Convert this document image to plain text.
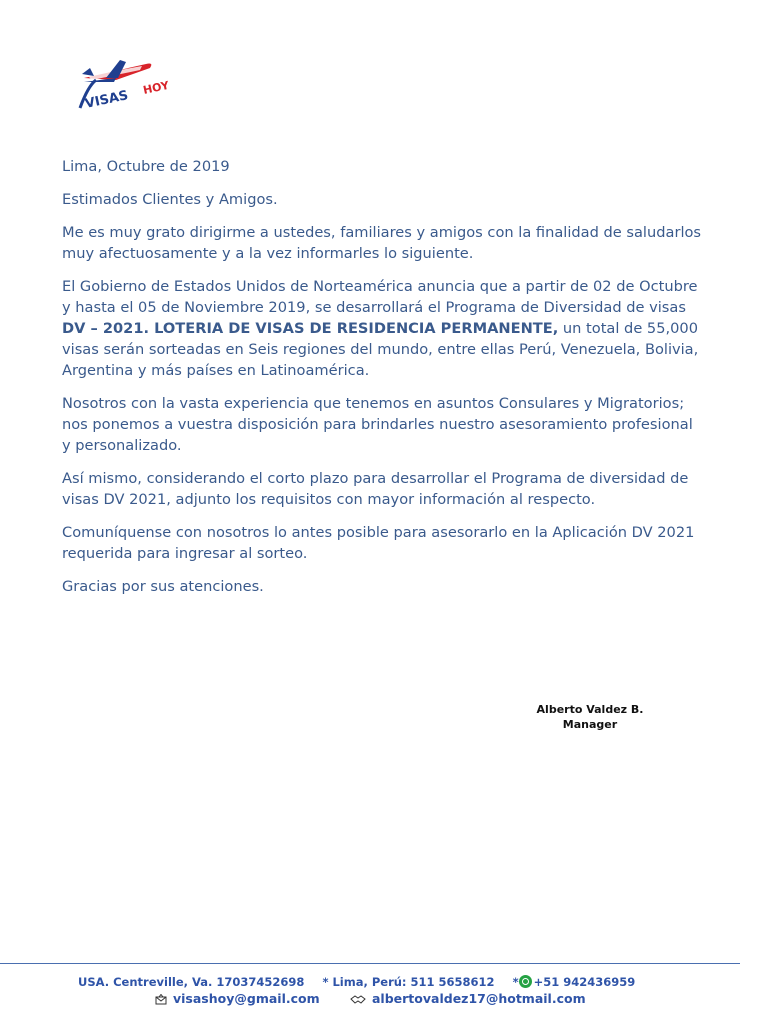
VISAS
HOY

Lima, Octubre de 2019

Estimados Clientes y Amigos.

Me es muy grato dirigirme a ustedes, familiares y amigos con la finalidad de saludarlos muy afectuosamente y a la vez informarles lo siguiente.

El Gobierno de Estados Unidos de Norteamérica anuncia que a partir de 02 de Octubre y hasta el 05 de Noviembre 2019, se desarrollará el Programa de Diversidad de visas DV – 2021. LOTERIA DE VISAS DE RESIDENCIA PERMANENTE, un total de 55,000 visas serán sorteadas en Seis regiones del mundo, entre ellas Perú, Venezuela, Bolivia, Argentina y más países en Latinoamérica.

Nosotros con la vasta experiencia que tenemos en asuntos Consulares y Migratorios; nos ponemos a vuestra disposición para brindarles nuestro asesoramiento profesional y personalizado.

Así mismo, considerando el corto plazo para desarrollar el Programa de diversidad de visas DV 2021, adjunto los requisitos con mayor información al respecto.

Comuníquense con nosotros lo antes posible para asesorarlo en la Aplicación DV 2021 requerida para ingresar al sorteo.

Gracias por sus atenciones.

Alberto Valdez B.
Manager
USA. Centreville, Va. 17037452698 * Lima, Perú: 511 5658612 * +51 942436959
visashoy@gmail.com	albertovaldez17@hotmail.com
